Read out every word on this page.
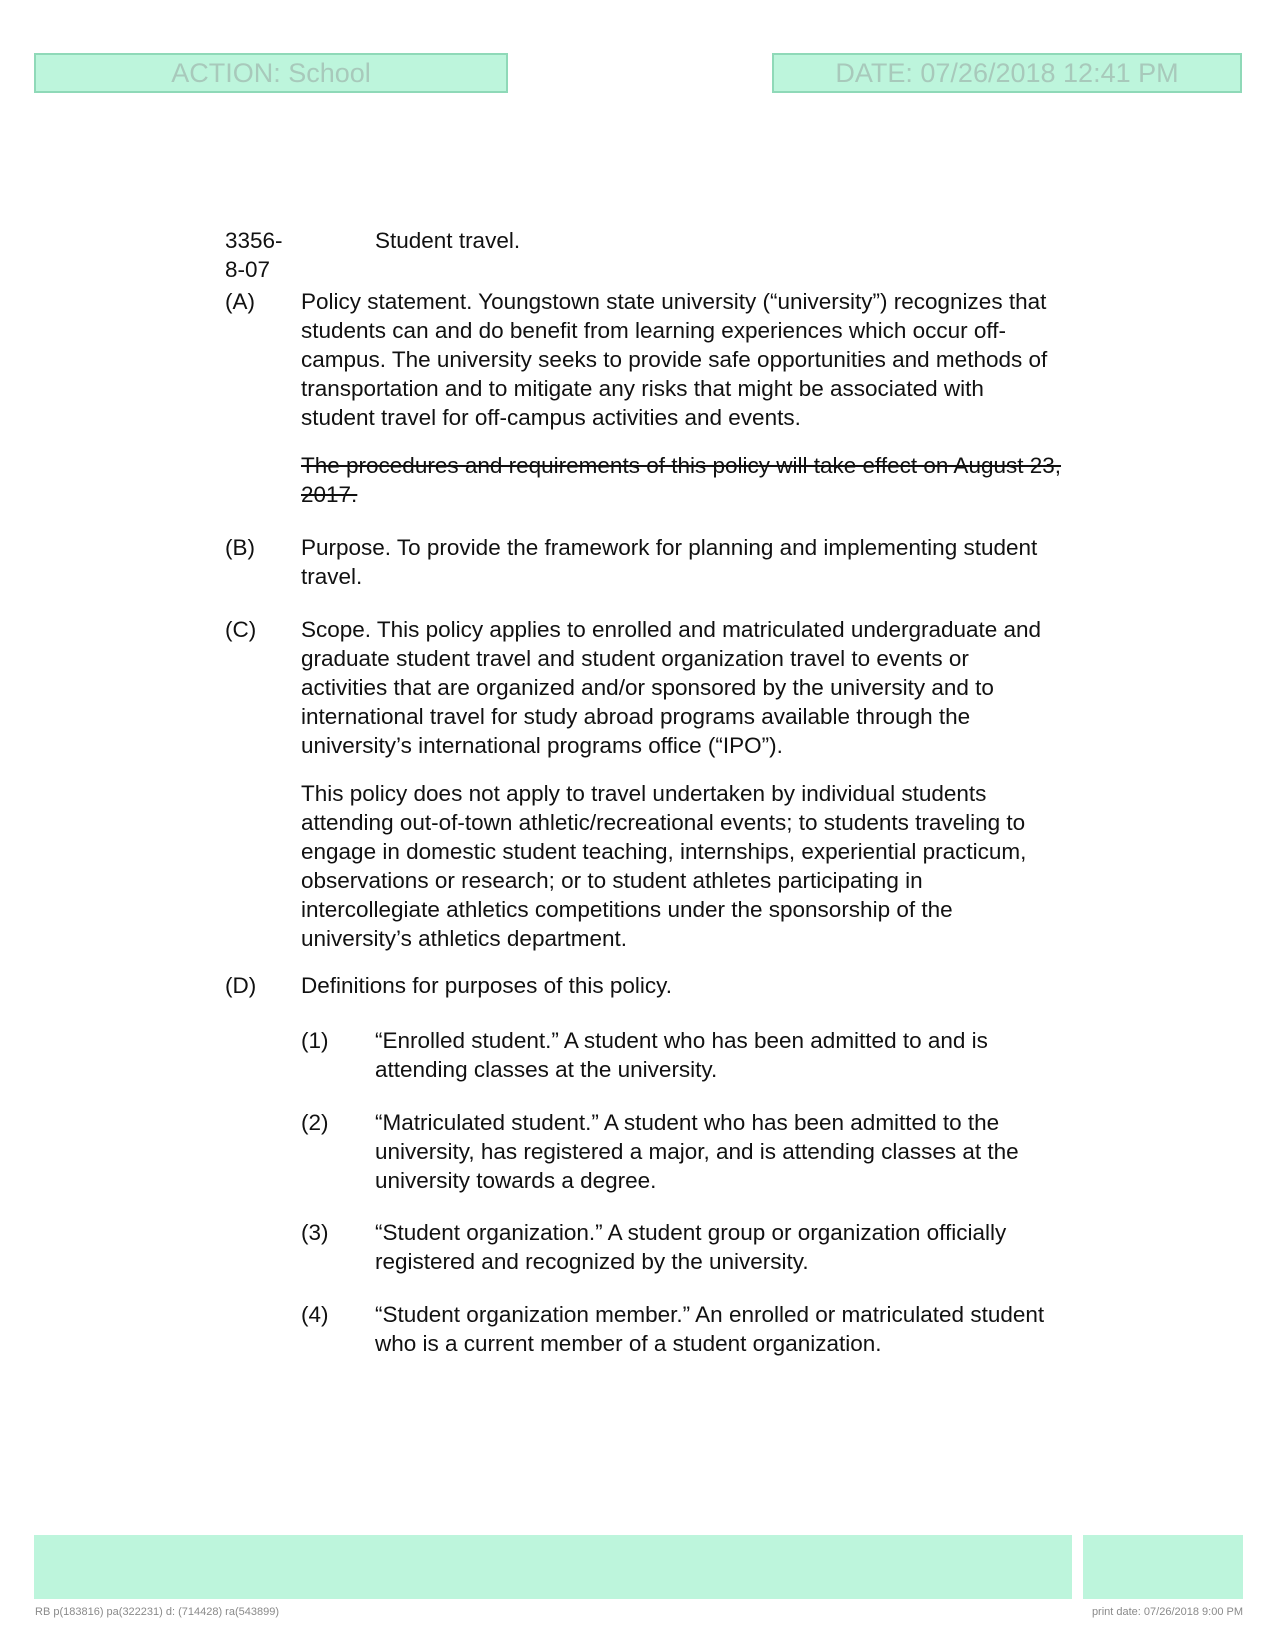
ACTION: School	DATE: 07/26/2018 12:41 PM
3356-8-07
Student travel.
(A) Policy statement. Youngstown state university (“university”) recognizes that students can and do benefit from learning experiences which occur off-campus. The university seeks to provide safe opportunities and methods of transportation and to mitigate any risks that might be associated with student travel for off-campus activities and events.
The procedures and requirements of this policy will take effect on August 23, 2017.
(B) Purpose. To provide the framework for planning and implementing student travel.
(C) Scope. This policy applies to enrolled and matriculated undergraduate and graduate student travel and student organization travel to events or activities that are organized and/or sponsored by the university and to international travel for study abroad programs available through the university’s international programs office (“IPO”).
This policy does not apply to travel undertaken by individual students attending out-of-town athletic/recreational events; to students traveling to engage in domestic student teaching, internships, experiential practicum, observations or research; or to student athletes participating in intercollegiate athletics competitions under the sponsorship of the university’s athletics department.
(D) Definitions for purposes of this policy.
(1) “Enrolled student.” A student who has been admitted to and is attending classes at the university.
(2) “Matriculated student.” A student who has been admitted to the university, has registered a major, and is attending classes at the university towards a degree.
(3) “Student organization.” A student group or organization officially registered and recognized by the university.
(4) “Student organization member.” An enrolled or matriculated student who is a current member of a student organization.
RB p(183816) pa(322231) d: (714428) ra(543899)	print date: 07/26/2018 9:00 PM
